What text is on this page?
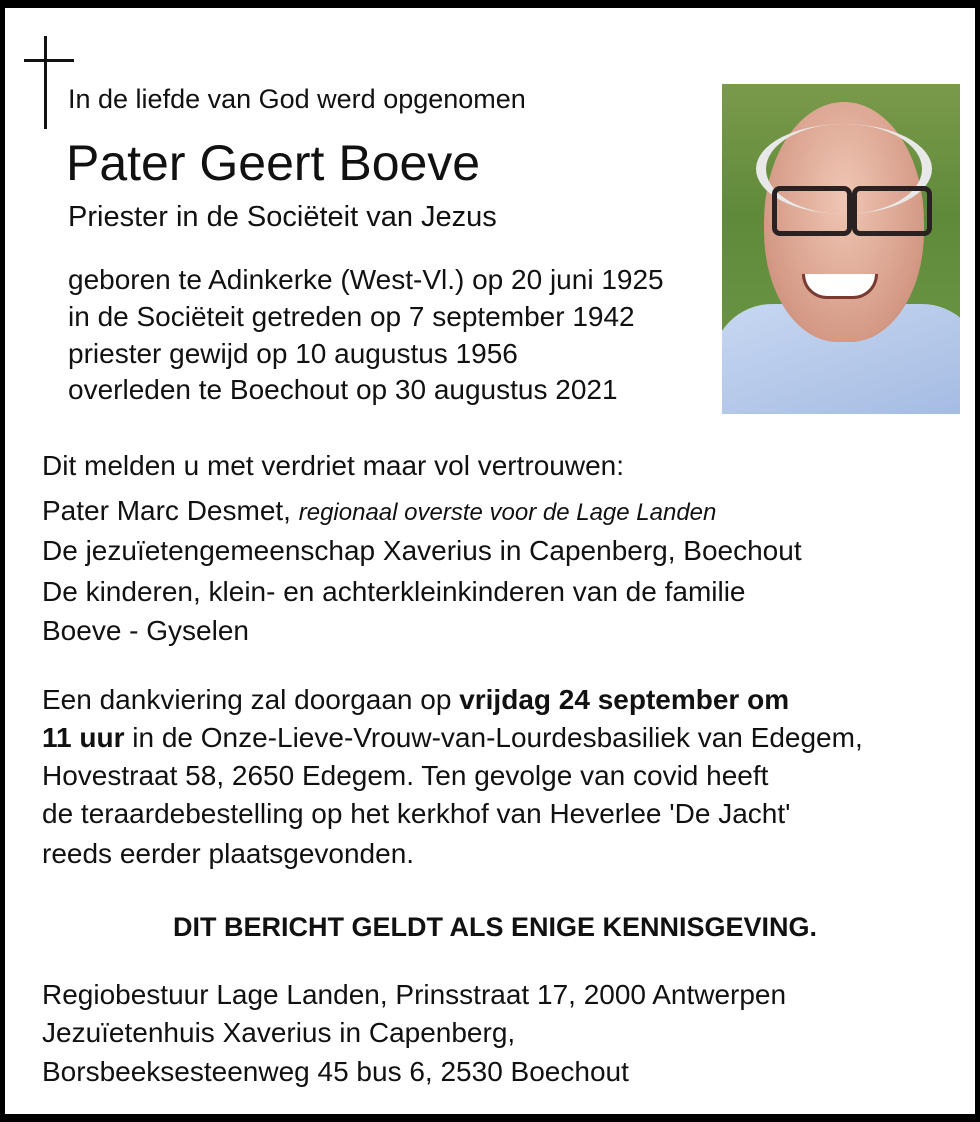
In de liefde van God werd opgenomen
Pater Geert Boeve
Priester in de Sociëteit van Jezus
geboren te Adinkerke (West-Vl.) op 20 juni 1925
in de Sociëteit getreden op 7 september 1942
priester gewijd op 10 augustus 1956
overleden te Boechout op 30 augustus 2021
Dit melden u met verdriet maar vol vertrouwen:
Pater Marc Desmet, regionaal overste voor de Lage Landen
De jezuïetengemeenschap Xaverius in Capenberg, Boechout
De kinderen, klein- en achterkleinkinderen van de familie
Boeve - Gyselen
Een dankviering zal doorgaan op vrijdag 24 september om
11 uur in de Onze-Lieve-Vrouw-van-Lourdesbasiliek van Edegem,
Hovestraat 58, 2650 Edegem. Ten gevolge van covid heeft
de teraardebestelling op het kerkhof van Heverlee 'De Jacht'
reeds eerder plaatsgevonden.
DIT BERICHT GELDT ALS ENIGE KENNISGEVING.
Regiobestuur Lage Landen, Prinsstraat 17, 2000 Antwerpen
Jezuïetenhuis Xaverius in Capenberg,
Borsbeeksesteenweg 45 bus 6, 2530 Boechout
